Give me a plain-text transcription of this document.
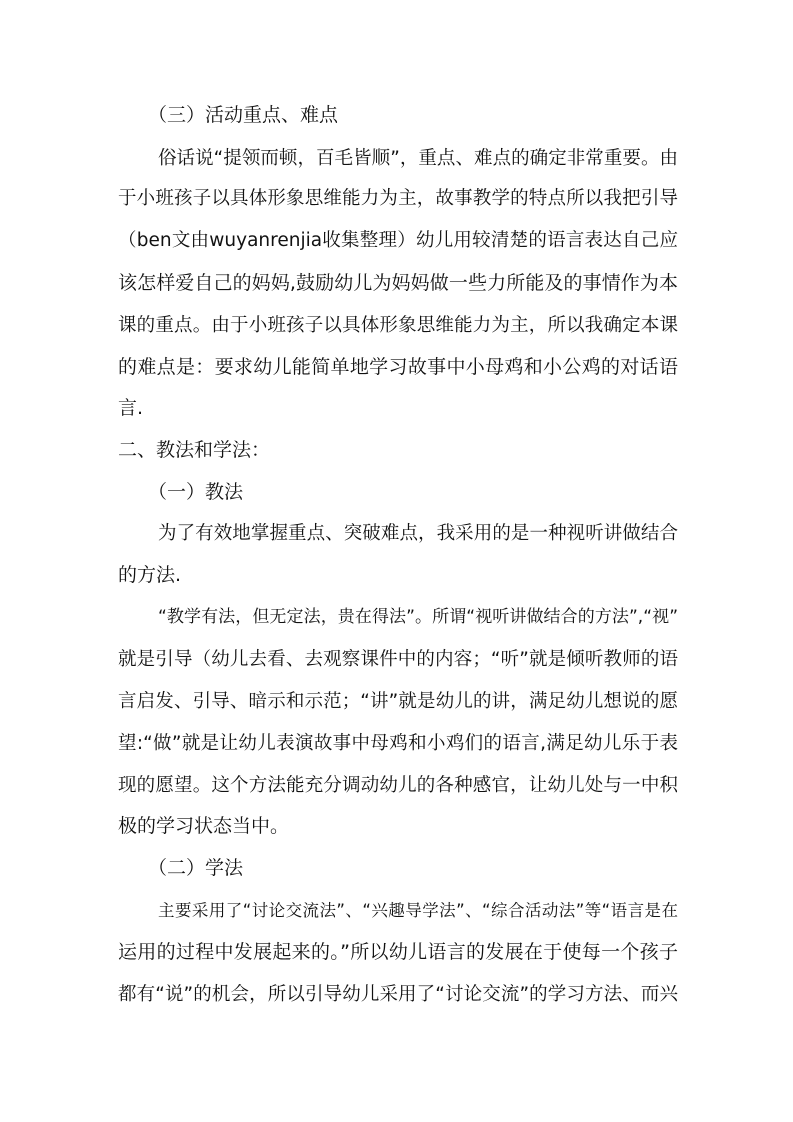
（三）活动重点、难点
俗话说“提领而顿，百毛皆顺”，重点、难点的确定非常重要。由
于小班孩子以具体形象思维能力为主，故事教学的特点所以我把引导
（ben文由wuyanrenjia收集整理）幼儿用较清楚的语言表达自己应
该怎样爱自己的妈妈,鼓励幼儿为妈妈做一些力所能及的事情作为本
课的重点。由于小班孩子以具体形象思维能力为主，所以我确定本课
的难点是：要求幼儿能简单地学习故事中小母鸡和小公鸡的对话语
言.
二、教法和学法：
（一）教法
为了有效地掌握重点、突破难点，我采用的是一种视听讲做结合
的方法.
“教学有法，但无定法，贵在得法”。所谓“视听讲做结合的方法”,“视”
就是引导（幼儿去看、去观察课件中的内容；“听”就是倾听教师的语
言启发、引导、暗示和示范；“讲”就是幼儿的讲，满足幼儿想说的愿
望:“做”就是让幼儿表演故事中母鸡和小鸡们的语言,满足幼儿乐于表
现的愿望。这个方法能充分调动幼儿的各种感官，让幼儿处与一中积
极的学习状态当中。
（二）学法
主要采用了“讨论交流法”、“兴趣导学法”、“综合活动法”等“语言是在
运用的过程中发展起来的。”所以幼儿语言的发展在于使每一个孩子
都有“说”的机会，所以引导幼儿采用了“讨论交流”的学习方法、而兴
